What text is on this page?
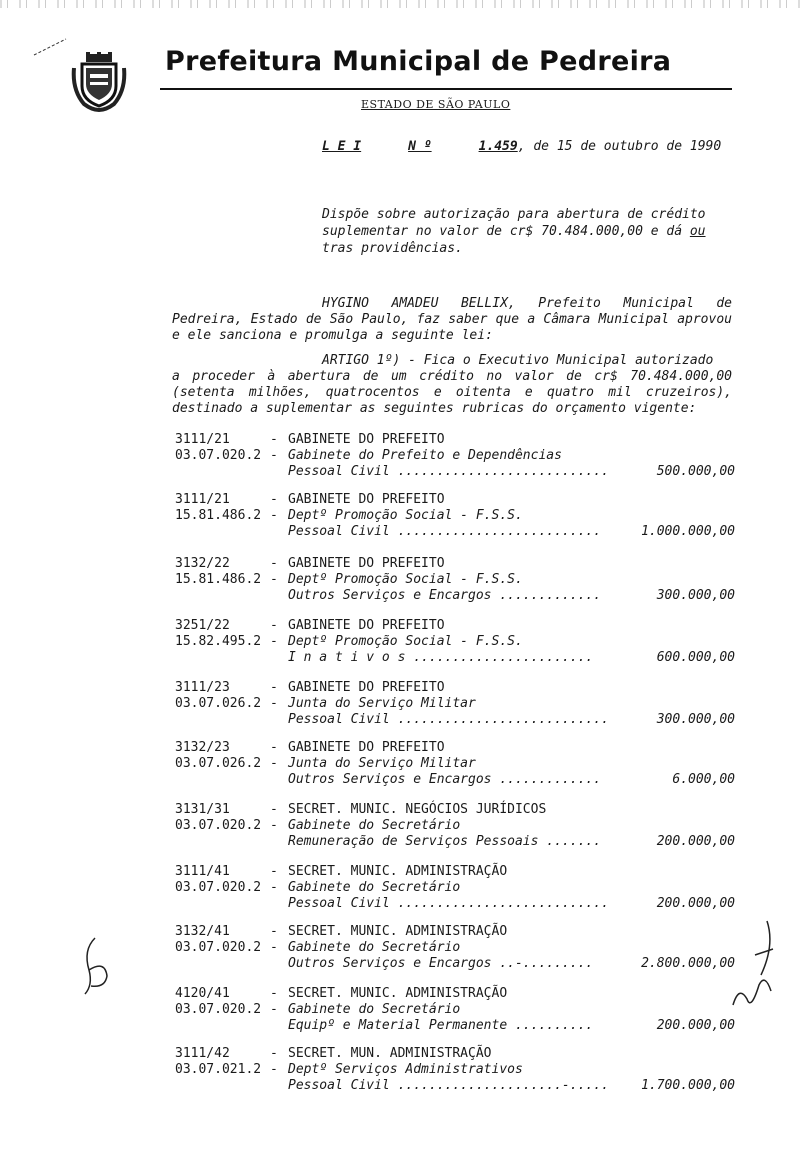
Prefeitura Municipal de Pedreira
ESTADO DE SÃO PAULO
L E I	N º	1.459, de 15 de outubro de 1990
Dispõe sobre autorização para abertura de crédito suplementar no valor de cr$ 70.484.000,00 e dá ou tras providências.
HYGINO AMADEU BELLIX, Prefeito Municipal de Pedreira, Estado de São Paulo, faz saber que a Câmara Municipal aprovou e ele sanciona e promulga a seguinte lei:
ARTIGO 1º) - Fica o Executivo Municipal autorizado
a proceder à abertura de um crédito no valor de cr$ 70.484.000,00 (setenta milhões, quatrocentos e oitenta e quatro mil cruzeiros), destinado a suplementar as seguintes rubricas do orçamento vigente:
3111/21	- GABINETE DO PREFEITO
03.07.020.2 - Gabinete do Prefeito e Dependências
Pessoal Civil ...........................	500.000,00
3111/21	- GABINETE DO PREFEITO
15.81.486.2 - Deptº Promoção Social - F.S.S.
Pessoal Civil ..........................	1.000.000,00
3132/22	- GABINETE DO PREFEITO
15.81.486.2 - Deptº Promoção Social - F.S.S.
Outros Serviços e Encargos .............	300.000,00
3251/22	- GABINETE DO PREFEITO
15.82.495.2 - Deptº Promoção Social - F.S.S.
I n a t i v o s .......................	600.000,00
3111/23	- GABINETE DO PREFEITO
03.07.026.2 - Junta do Serviço Militar
Pessoal Civil ...........................	300.000,00
3132/23	- GABINETE DO PREFEITO
03.07.026.2 - Junta do Serviço Militar
Outros Serviços e Encargos .............	6.000,00
3131/31	- SECRET. MUNIC. NEGÓCIOS JURÍDICOS
03.07.020.2 - Gabinete do Secretário
Remuneração de Serviços Pessoais .......	200.000,00
3111/41	- SECRET. MUNIC. ADMINISTRAÇÃO
03.07.020.2 - Gabinete do Secretário
Pessoal Civil ...........................	200.000,00
3132/41	- SECRET. MUNIC. ADMINISTRAÇÃO
03.07.020.2 - Gabinete do Secretário
Outros Serviços e Encargos ..-.........	2.800.000,00
4120/41	- SECRET. MUNIC. ADMINISTRAÇÃO
03.07.020.2 - Gabinete do Secretário
Equipº e Material Permanente ..........	200.000,00
3111/42	- SECRET. MUN. ADMINISTRAÇÃO
03.07.021.2 - Deptº Serviços Administrativos
Pessoal Civil .....................-.....	1.700.000,00
